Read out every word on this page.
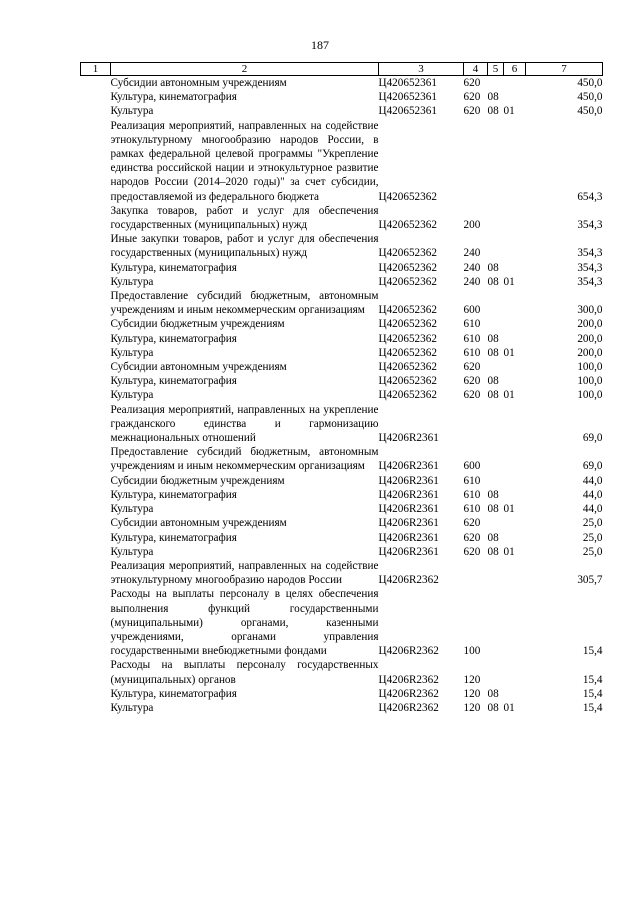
187
1	2	3	4	5	6	7
	Субсидии автономным учреждениям	Ц420652361	620			450,0
	Культура, кинематография	Ц420652361	620	08		450,0
	Культура	Ц420652361	620	08	01	450,0
	Реализация мероприятий, направленных на содействие этнокультурному многообразию народов России, в рамках федеральной целевой программы "Укрепление единства российской нации и этнокультурное развитие народов России (2014–2020 годы)" за счет субсидии, предоставляемой из федерального бюджета	Ц420652362				654,3
	Закупка товаров, работ и услуг для обеспечения государственных (муниципальных) нужд	Ц420652362	200			354,3
	Иные закупки товаров, работ и услуг для обеспечения государственных (муниципальных) нужд	Ц420652362	240			354,3
	Культура, кинематография	Ц420652362	240	08		354,3
	Культура	Ц420652362	240	08	01	354,3
	Предоставление субсидий бюджетным, автономным учреждениям и иным некоммерческим организациям	Ц420652362	600			300,0
	Субсидии бюджетным учреждениям	Ц420652362	610			200,0
	Культура, кинематография	Ц420652362	610	08		200,0
	Культура	Ц420652362	610	08	01	200,0
	Субсидии автономным учреждениям	Ц420652362	620			100,0
	Культура, кинематография	Ц420652362	620	08		100,0
	Культура	Ц420652362	620	08	01	100,0
	Реализация мероприятий, направленных на укрепление гражданского единства и гармонизацию межнациональных отношений	Ц4206R2361				69,0
	Предоставление субсидий бюджетным, автономным учреждениям и иным некоммерческим организациям	Ц4206R2361	600			69,0
	Субсидии бюджетным учреждениям	Ц4206R2361	610			44,0
	Культура, кинематография	Ц4206R2361	610	08		44,0
	Культура	Ц4206R2361	610	08	01	44,0
	Субсидии автономным учреждениям	Ц4206R2361	620			25,0
	Культура, кинематография	Ц4206R2361	620	08		25,0
	Культура	Ц4206R2361	620	08	01	25,0
	Реализация мероприятий, направленных на содействие этнокультурному многообразию народов России	Ц4206R2362				305,7
	Расходы на выплаты персоналу в целях обеспечения выполнения функций государственными (муниципальными) органами, казенными учреждениями, органами управления государственными внебюджетными фондами	Ц4206R2362	100			15,4
	Расходы на выплаты персоналу государственных (муниципальных) органов	Ц4206R2362	120			15,4
	Культура, кинематография	Ц4206R2362	120	08		15,4
	Культура	Ц4206R2362	120	08	01	15,4
